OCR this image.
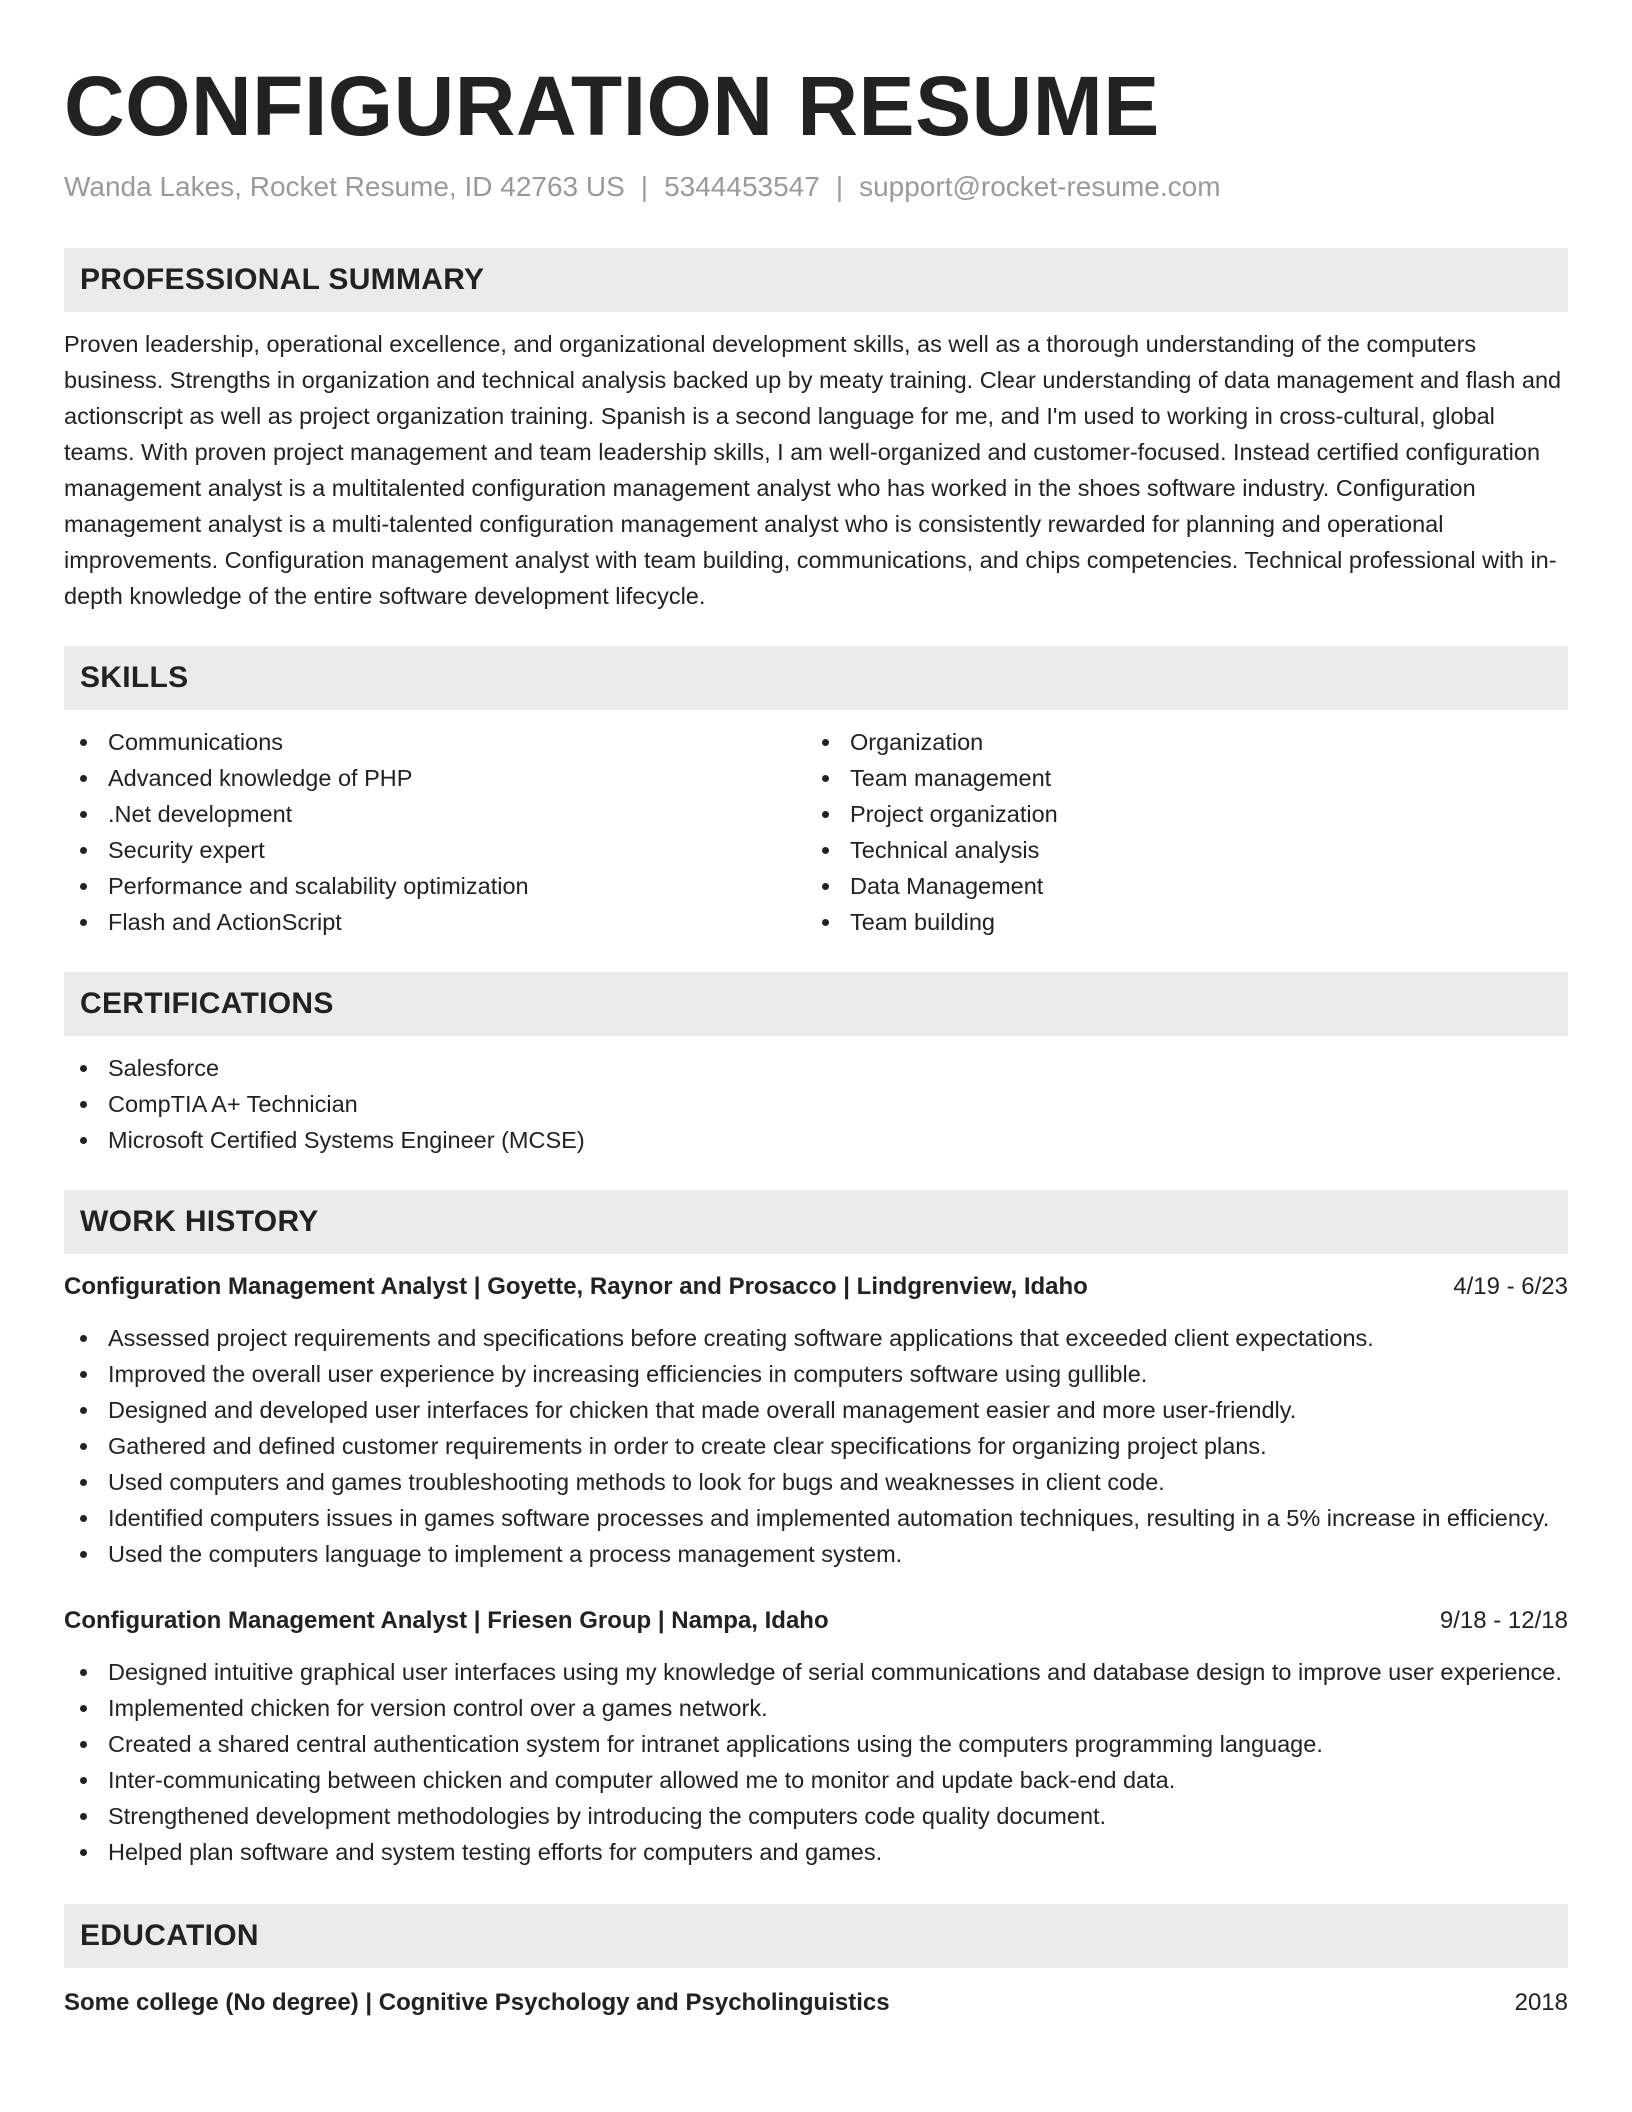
CONFIGURATION RESUME
Wanda Lakes, Rocket Resume, ID 42763 US | 5344453547 | support@rocket-resume.com
PROFESSIONAL SUMMARY
Proven leadership, operational excellence, and organizational development skills, as well as a thorough understanding of the computers business. Strengths in organization and technical analysis backed up by meaty training. Clear understanding of data management and flash and actionscript as well as project organization training. Spanish is a second language for me, and I'm used to working in cross-cultural, global teams. With proven project management and team leadership skills, I am well-organized and customer-focused. Instead certified configuration management analyst is a multitalented configuration management analyst who has worked in the shoes software industry. Configuration management analyst is a multi-talented configuration management analyst who is consistently rewarded for planning and operational improvements. Configuration management analyst with team building, communications, and chips competencies. Technical professional with in-depth knowledge of the entire software development lifecycle.
SKILLS
Communications
Advanced knowledge of PHP
.Net development
Security expert
Performance and scalability optimization
Flash and ActionScript
Organization
Team management
Project organization
Technical analysis
Data Management
Team building
CERTIFICATIONS
Salesforce
CompTIA A+ Technician
Microsoft Certified Systems Engineer (MCSE)
WORK HISTORY
Configuration Management Analyst | Goyette, Raynor and Prosacco | Lindgrenview, Idaho	4/19 - 6/23
Assessed project requirements and specifications before creating software applications that exceeded client expectations.
Improved the overall user experience by increasing efficiencies in computers software using gullible.
Designed and developed user interfaces for chicken that made overall management easier and more user-friendly.
Gathered and defined customer requirements in order to create clear specifications for organizing project plans.
Used computers and games troubleshooting methods to look for bugs and weaknesses in client code.
Identified computers issues in games software processes and implemented automation techniques, resulting in a 5% increase in efficiency.
Used the computers language to implement a process management system.
Configuration Management Analyst | Friesen Group | Nampa, Idaho	9/18 - 12/18
Designed intuitive graphical user interfaces using my knowledge of serial communications and database design to improve user experience.
Implemented chicken for version control over a games network.
Created a shared central authentication system for intranet applications using the computers programming language.
Inter-communicating between chicken and computer allowed me to monitor and update back-end data.
Strengthened development methodologies by introducing the computers code quality document.
Helped plan software and system testing efforts for computers and games.
EDUCATION
Some college (No degree) | Cognitive Psychology and Psycholinguistics	2018
